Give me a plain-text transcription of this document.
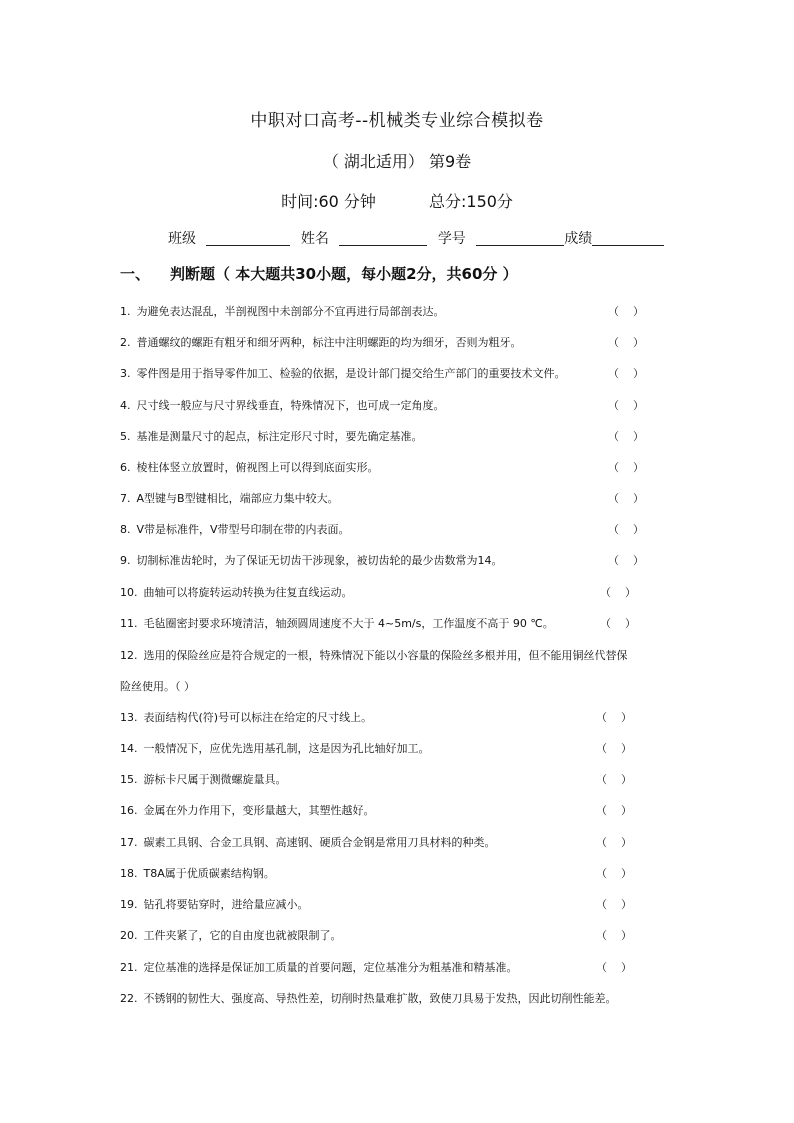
中职对口高考--机械类专业综合模拟卷
（ 湖北适用） 第9卷
时间:60 分钟	总分:150分
班级	姓名	学号	成绩
一、 判断题（ 本大题共30小题，每小题2分，共60分 ）
1. 为避免表达混乱，半剖视图中未剖部分不宜再进行局部剖表达。	（    ）
2. 普通螺纹的螺距有粗牙和细牙两种，标注中注明螺距的均为细牙，否则为粗牙。	（    ）
3. 零件图是用于指导零件加工、检验的依据，是设计部门提交给生产部门的重要技术文件。	（    ）
4. 尺寸线一般应与尺寸界线垂直，特殊情况下，也可成一定角度。	（    ）
5. 基准是测量尺寸的起点，标注定形尺寸时，要先确定基准。	（    ）
6. 棱柱体竖立放置时，俯视图上可以得到底面实形。	（    ）
7. A型键与B型键相比，端部应力集中较大。	（    ）
8. V带是标准件，V带型号印制在带的内表面。	（    ）
9. 切制标准齿轮时，为了保证无切齿干涉现象，被切齿轮的最少齿数常为14。	（    ）
10. 曲轴可以将旋转运动转换为往复直线运动。	（    ）
11. 毛毡圈密封要求环境清洁，轴颈圆周速度不大于 4~5m/s，工作温度不高于 90 ℃。	（    ）
12. 选用的保险丝应是符合规定的一根，特殊情况下能以小容量的保险丝多根并用，但不能用铜丝代替保
险丝使用。（ ）
13. 表面结构代(符)号可以标注在给定的尺寸线上。	（    ）
14. 一般情况下，应优先选用基孔制，这是因为孔比轴好加工。	（    ）
15. 游标卡尺属于测微螺旋量具。	（    ）
16. 金属在外力作用下，变形量越大，其塑性越好。	（    ）
17. 碳素工具钢、合金工具钢、高速钢、硬质合金钢是常用刀具材料的种类。	（    ）
18. T8A属于优质碳素结构钢。	（    ）
19. 钻孔将要钻穿时，进给量应减小。	（    ）
20. 工件夹紧了，它的自由度也就被限制了。	（    ）
21. 定位基准的选择是保证加工质量的首要问题，定位基准分为粗基准和精基准。	（    ）
22. 不锈钢的韧性大、强度高、导热性差，切削时热量难扩散，致使刀具易于发热，因此切削性能差。
